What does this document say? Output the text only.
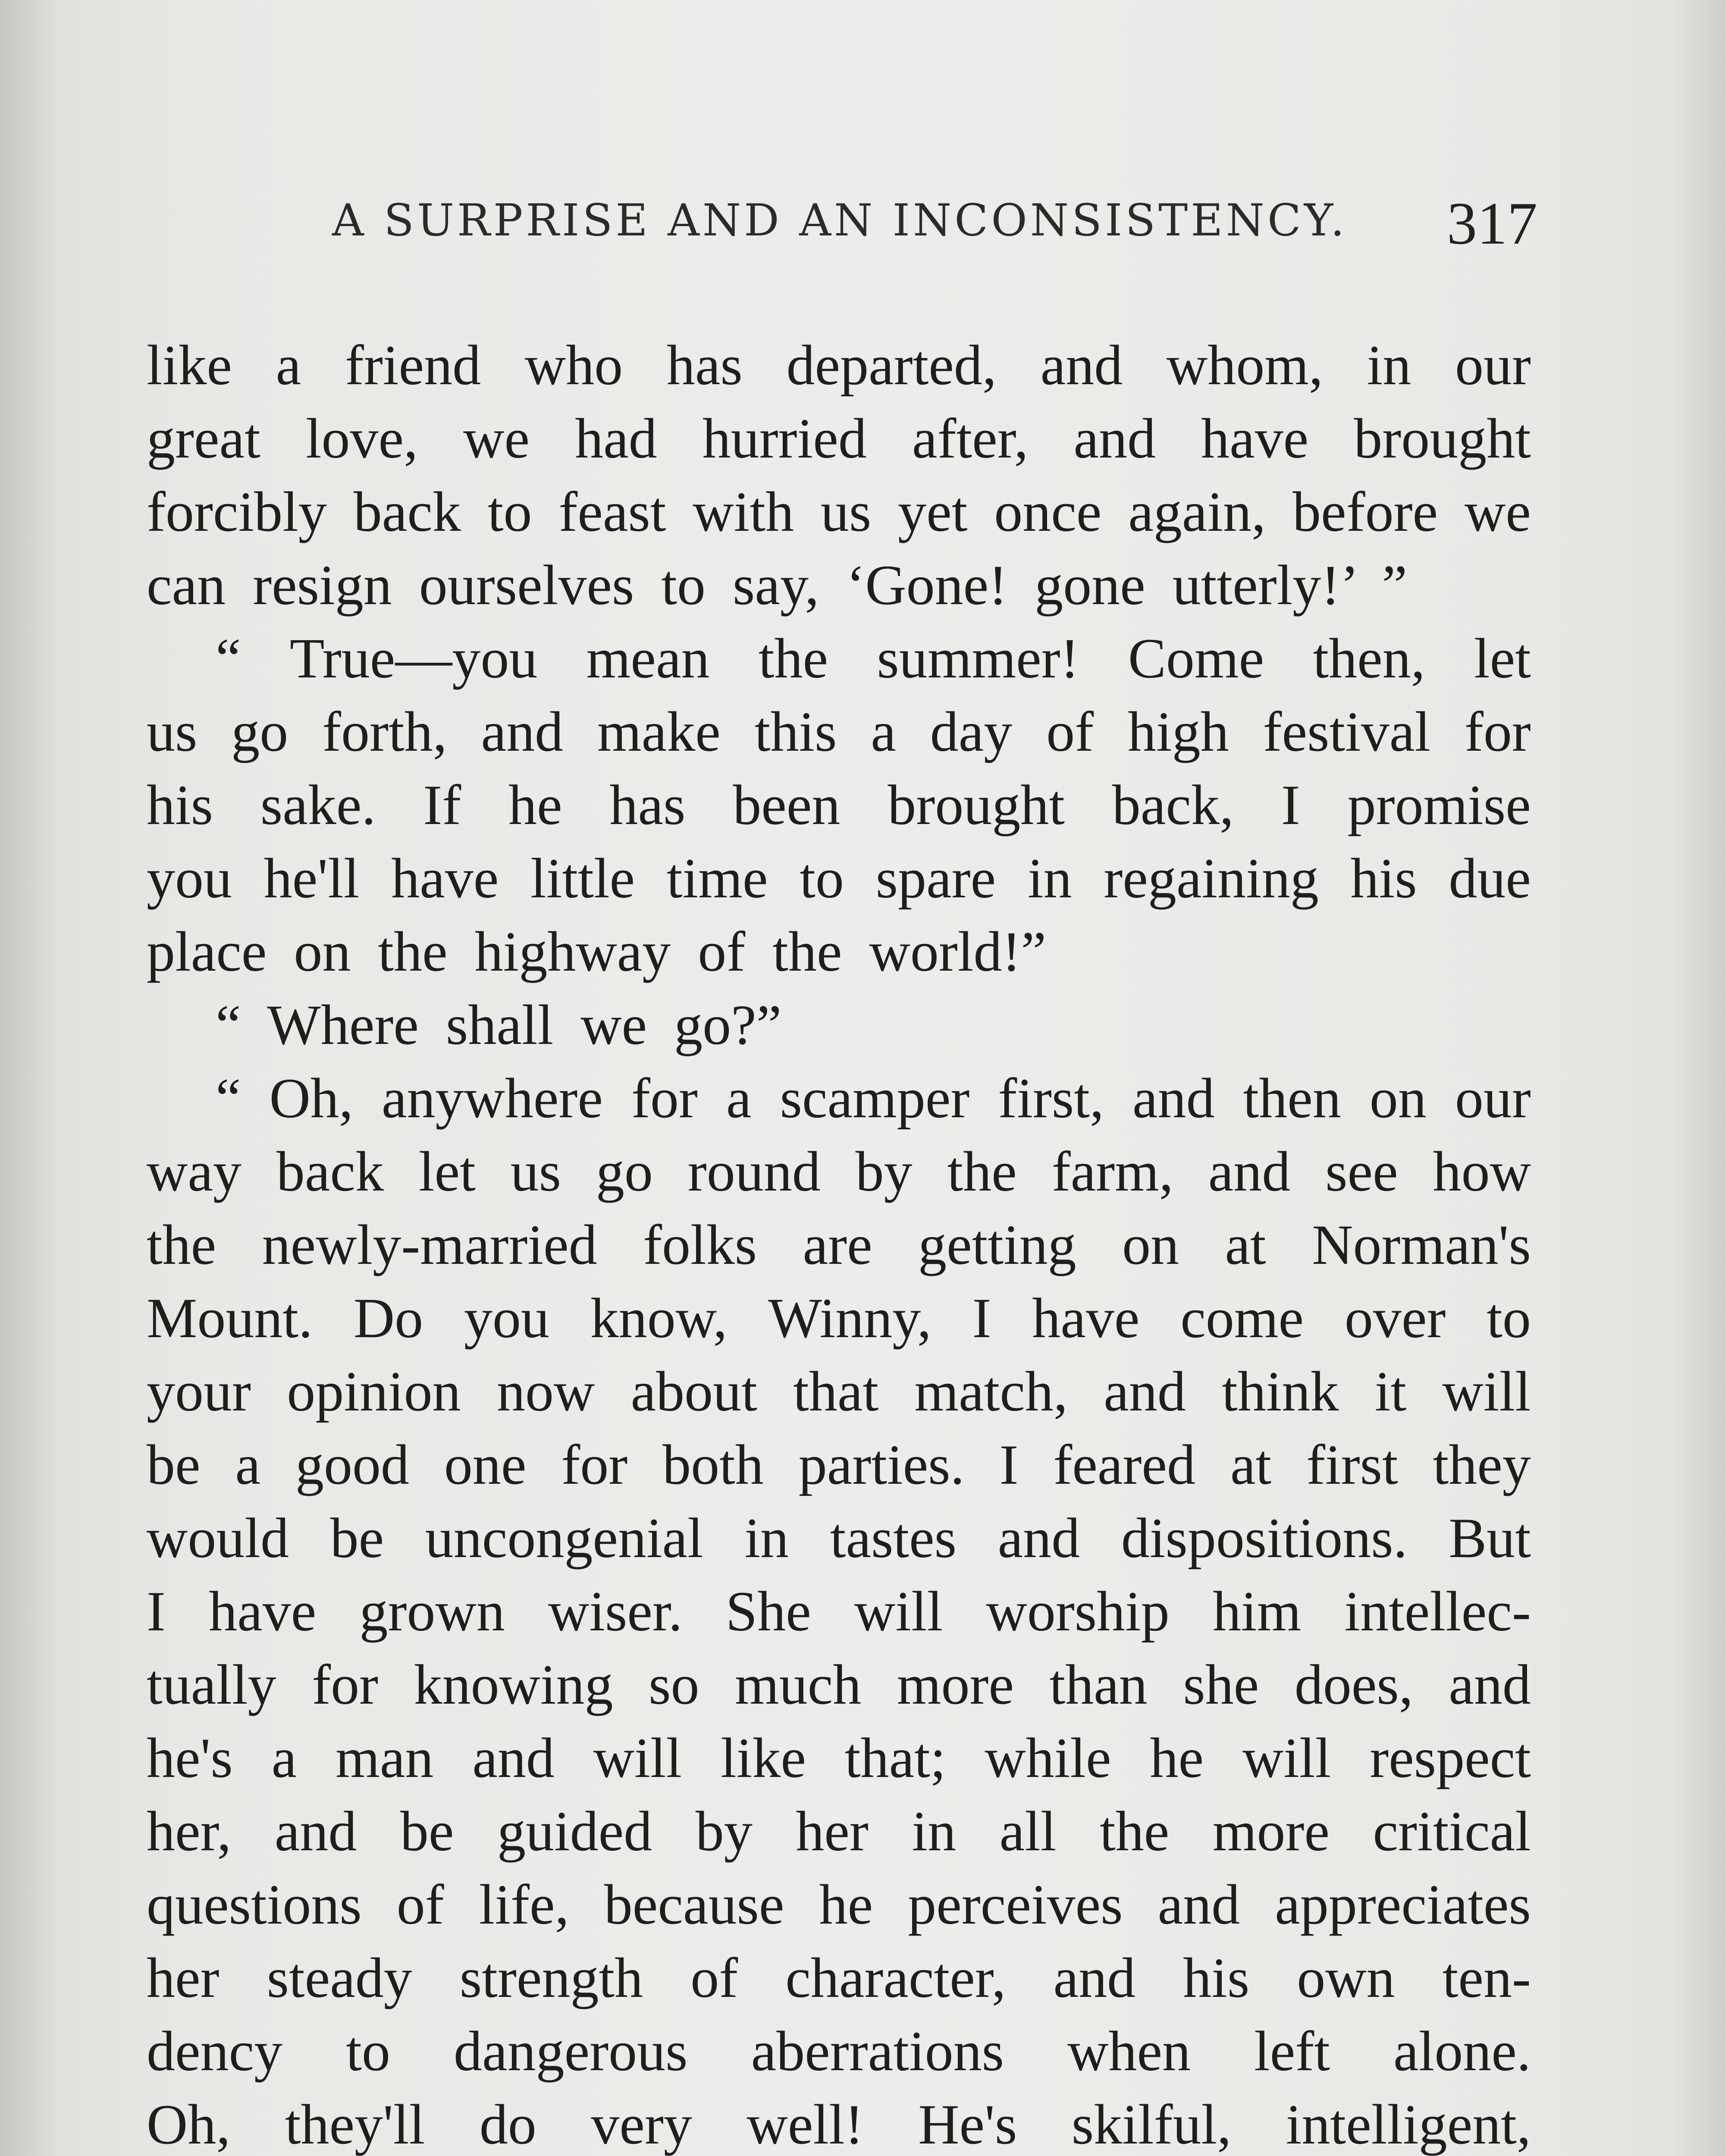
A SURPRISE AND AN INCONSISTENCY. 317
like a friend who has departed, and whom, in our
great love, we had hurried after, and have brought
forcibly back to feast with us yet once again, before we
can resign ourselves to say, ‘Gone! gone utterly!’ ”
“ True—you mean the summer! Come then, let
us go forth, and make this a day of high festival for
his sake. If he has been brought back, I promise
you he'll have little time to spare in regaining his due
place on the highway of the world!”
“ Where shall we go?”
“ Oh, anywhere for a scamper first, and then on our
way back let us go round by the farm, and see how
the newly-married folks are getting on at Norman's
Mount. Do you know, Winny, I have come over to
your opinion now about that match, and think it will
be a good one for both parties. I feared at first they
would be uncongenial in tastes and dispositions. But
I have grown wiser. She will worship him intellec-
tually for knowing so much more than she does, and
he's a man and will like that; while he will respect
her, and be guided by her in all the more critical
questions of life, because he perceives and appreciates
her steady strength of character, and his own ten-
dency to dangerous aberrations when left alone.
Oh, they'll do very well! He's skilful, intelligent,
